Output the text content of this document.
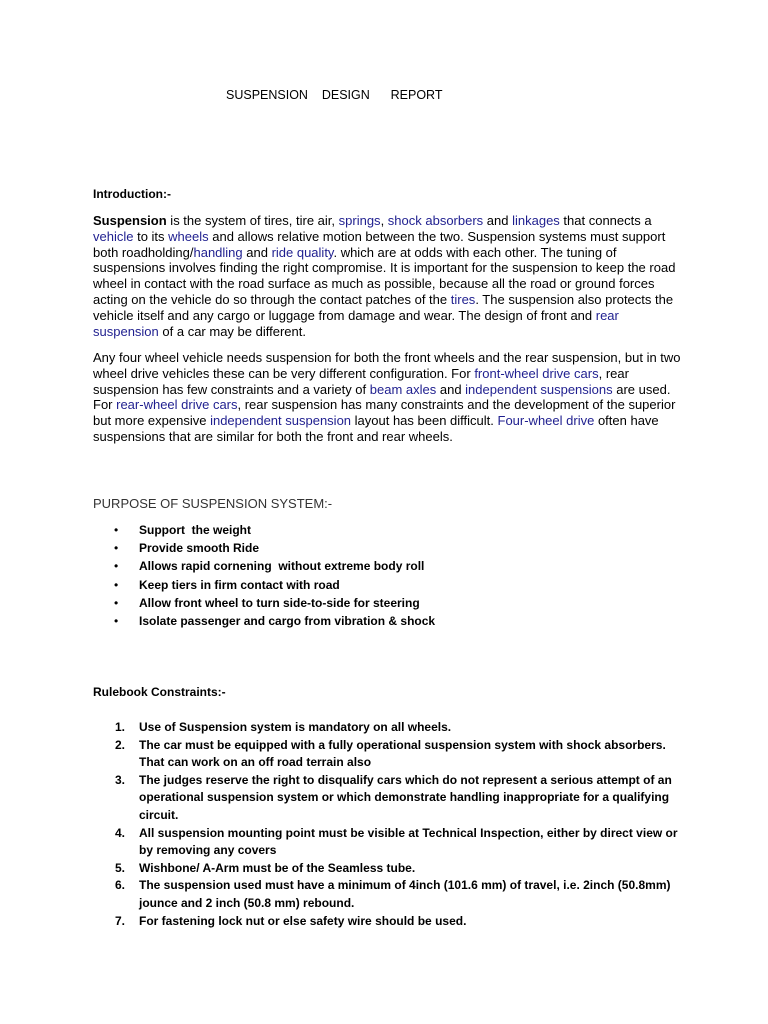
SUSPENSION    DESIGN      REPORT
Introduction:-

Suspension is the system of tires, tire air, springs, shock absorbers and linkages that connects a vehicle to its wheels and allows relative motion between the two. Suspension systems must support both roadholding/handling and ride quality. which are at odds with each other. The tuning of suspensions involves finding the right compromise. It is important for the suspension to keep the road wheel in contact with the road surface as much as possible, because all the road or ground forces acting on the vehicle do so through the contact patches of the tires. The suspension also protects the vehicle itself and any cargo or luggage from damage and wear. The design of front and rear suspension of a car may be different.

Any four wheel vehicle needs suspension for both the front wheels and the rear suspension, but in two wheel drive vehicles these can be very different configuration. For front-wheel drive cars, rear suspension has few constraints and a variety of beam axles and independent suspensions are used. For rear-wheel drive cars, rear suspension has many constraints and the development of the superior but more expensive independent suspension layout has been difficult. Four-wheel drive often have suspensions that are similar for both the front and rear wheels.

PURPOSE OF SUSPENSION SYSTEM:-
• Support  the weight
• Provide smooth Ride
• Allows rapid cornening  without extreme body roll
• Keep tiers in firm contact with road
• Allow front wheel to turn side-to-side for steering
• Isolate passenger and cargo from vibration & shock
Rulebook Constraints:-
1. Use of Suspension system is mandatory on all wheels.
2. The car must be equipped with a fully operational suspension system with shock absorbers. That can work on an off road terrain also
3. The judges reserve the right to disqualify cars which do not represent a serious attempt of an operational suspension system or which demonstrate handling inappropriate for a qualifying circuit.
4. All suspension mounting point must be visible at Technical Inspection, either by direct view or by removing any covers
5. Wishbone/ A-Arm must be of the Seamless tube.
6. The suspension used must have a minimum of 4inch (101.6 mm) of travel, i.e. 2inch (50.8mm) jounce and 2 inch (50.8 mm) rebound.
7. For fastening lock nut or else safety wire should be used.
